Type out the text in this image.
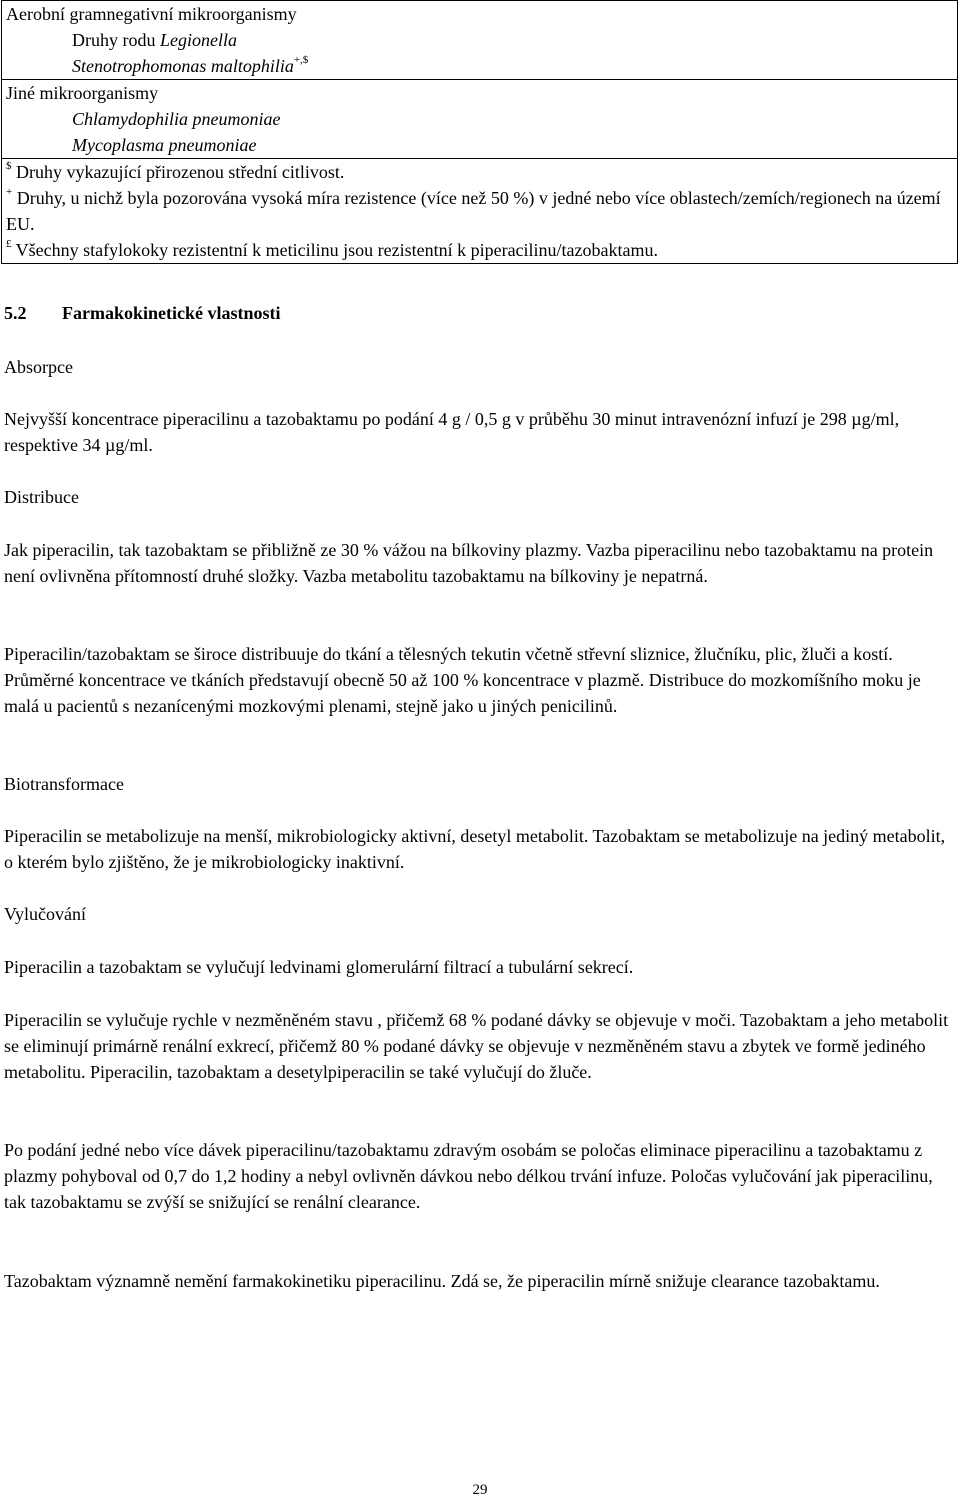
Aerobní gramnegativní mikroorganismy
Druhy rodu Legionella
Stenotrophomonas maltophilia+,$

Jiné mikroorganismy
Chlamydophilia pneumoniae
Mycoplasma pneumoniae

$ Druhy vykazující přirozenou střední citlivost.
+ Druhy, u nichž byla pozorována vysoká míra rezistence (více než 50 %) v jedné nebo více oblastech/zemích/regionech na území EU.
£ Všechny stafylokoky rezistentní k meticilinu jsou rezistentní k piperacilinu/tazobaktamu.
5.2 Farmakokinetické vlastnosti
Absorpce

Nejvyšší koncentrace piperacilinu a tazobaktamu po podání 4 g / 0,5 g v průběhu 30 minut intravenózní infuzí je 298 µg/ml, respektive 34 µg/ml.

Distribuce

Jak piperacilin, tak tazobaktam se přibližně ze 30 % vážou na bílkoviny plazmy. Vazba piperacilinu nebo tazobaktamu na protein není ovlivněna přítomností druhé složky. Vazba metabolitu tazobaktamu na bílkoviny je nepatrná.

Piperacilin/tazobaktam se široce distribuuje do tkání a tělesných tekutin včetně střevní sliznice, žlučníku, plic, žluči a kostí. Průměrné koncentrace ve tkáních představují obecně 50 až 100 % koncentrace v plazmě. Distribuce do mozkomíšního moku je malá u pacientů s nezanícenými mozkovými plenami, stejně jako u jiných penicilinů.

Biotransformace

Piperacilin se metabolizuje na menší, mikrobiologicky aktivní, desetyl metabolit. Tazobaktam se metabolizuje na jediný metabolit, o kterém bylo zjištěno, že je mikrobiologicky inaktivní.

Vylučování

Piperacilin a tazobaktam se vylučují ledvinami glomerulární filtrací a tubulární sekrecí.

Piperacilin se vylučuje rychle v nezměněném stavu , přičemž 68 % podané dávky se objevuje v moči. Tazobaktam a jeho metabolit se eliminují primárně renální exkrecí, přičemž 80 % podané dávky se objevuje v nezměněném stavu a zbytek ve formě jediného metabolitu. Piperacilin, tazobaktam a desetylpiperacilin se také vylučují do žluče.

Po podání jedné nebo více dávek piperacilinu/tazobaktamu zdravým osobám se poločas eliminace piperacilinu a tazobaktamu z plazmy pohyboval od 0,7 do 1,2 hodiny a nebyl ovlivněn dávkou nebo délkou trvání infuze. Poločas vylučování jak piperacilinu, tak tazobaktamu se zvýší se snižující se renální clearance.

Tazobaktam významně nemění farmakokinetiku piperacilinu. Zdá se, že piperacilin mírně snižuje clearance tazobaktamu.

29
